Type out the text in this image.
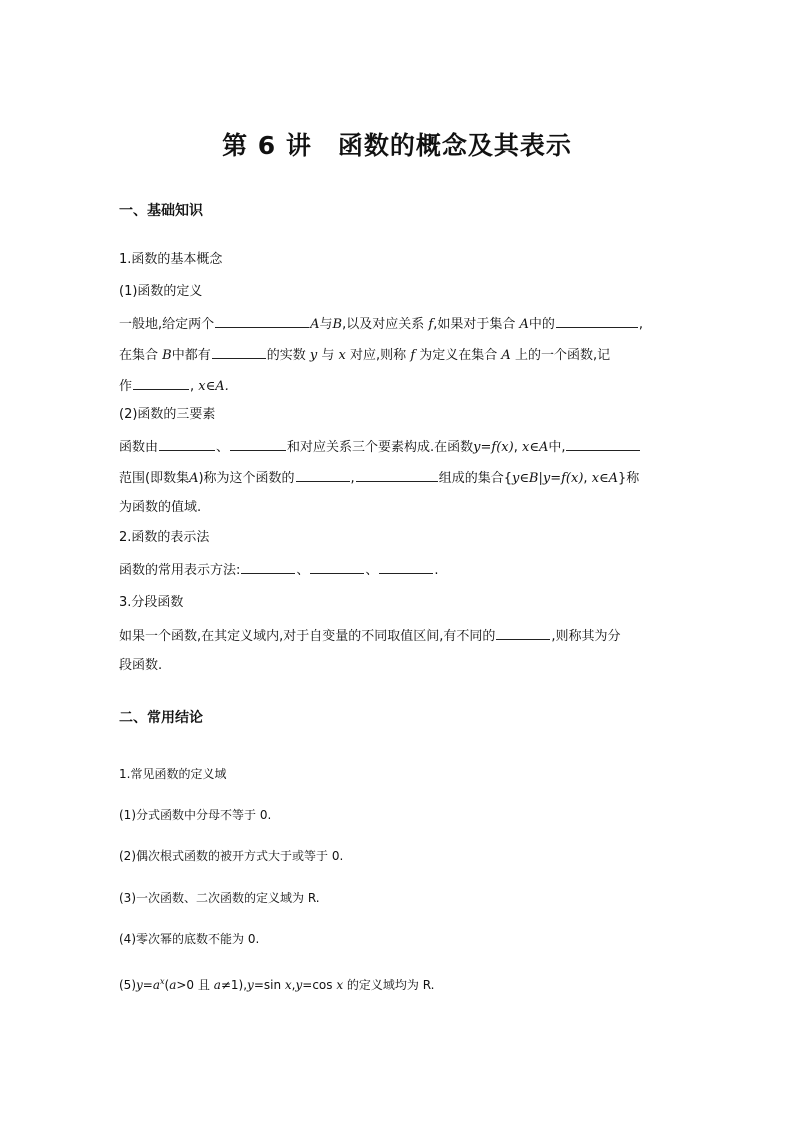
第 6 讲　函数的概念及其表示
一、基础知识
1.函数的基本概念
(1)函数的定义
一般地,给定两个	A与B,以及对应关系 f,如果对于集合 A中的	,
在集合 B中都有	的实数 y 与 x 对应,则称 f 为定义在集合 A 上的一个函数,记
作	, x∈A.
(2)函数的三要素
函数由	、	和对应关系三个要素构成.在函数y=f(x), x∈A中,
范围(即数集A)称为这个函数的	,	组成的集合{y∈B|y=f(x), x∈A}称
为函数的值域.
2.函数的表示法
函数的常用表示方法:	、	、	.
3.分段函数
如果一个函数,在其定义域内,对于自变量的不同取值区间,有不同的	,则称其为分
段函数.
二、常用结论
1.常见函数的定义域
(1)分式函数中分母不等于 0.
(2)偶次根式函数的被开方式大于或等于 0.
(3)一次函数、二次函数的定义域为 R.
(4)零次幂的底数不能为 0.
$(5)y=a^x(a>0$ 且 a≠1),y=sin x,y=cos x 的定义域均为 R.
